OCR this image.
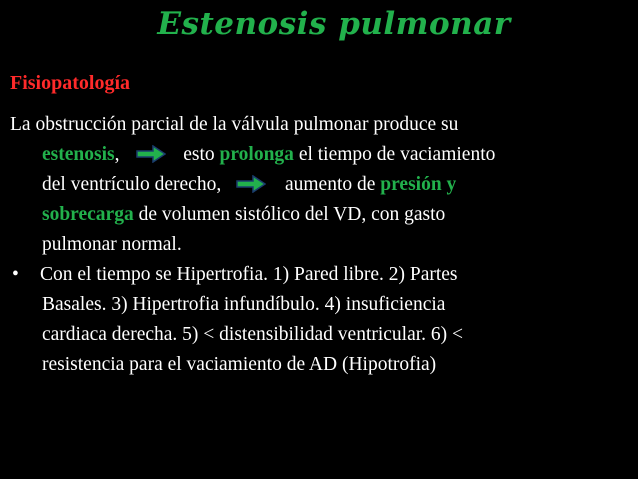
Estenosis pulmonar
Fisiopatología
La obstrucción parcial de la válvula pulmonar produce su
estenosis,	esto prolonga el tiempo de vaciamiento
del ventrículo derecho,	aumento de presión y
sobrecarga de volumen sistólico del VD, con gasto
pulmonar normal.
• Con el tiempo se Hipertrofia. 1) Pared libre. 2) Partes
Basales. 3) Hipertrofia infundíbulo. 4) insuficiencia
cardiaca derecha. 5) < distensibilidad ventricular. 6) <
resistencia para el vaciamiento de AD (Hipotrofia)
